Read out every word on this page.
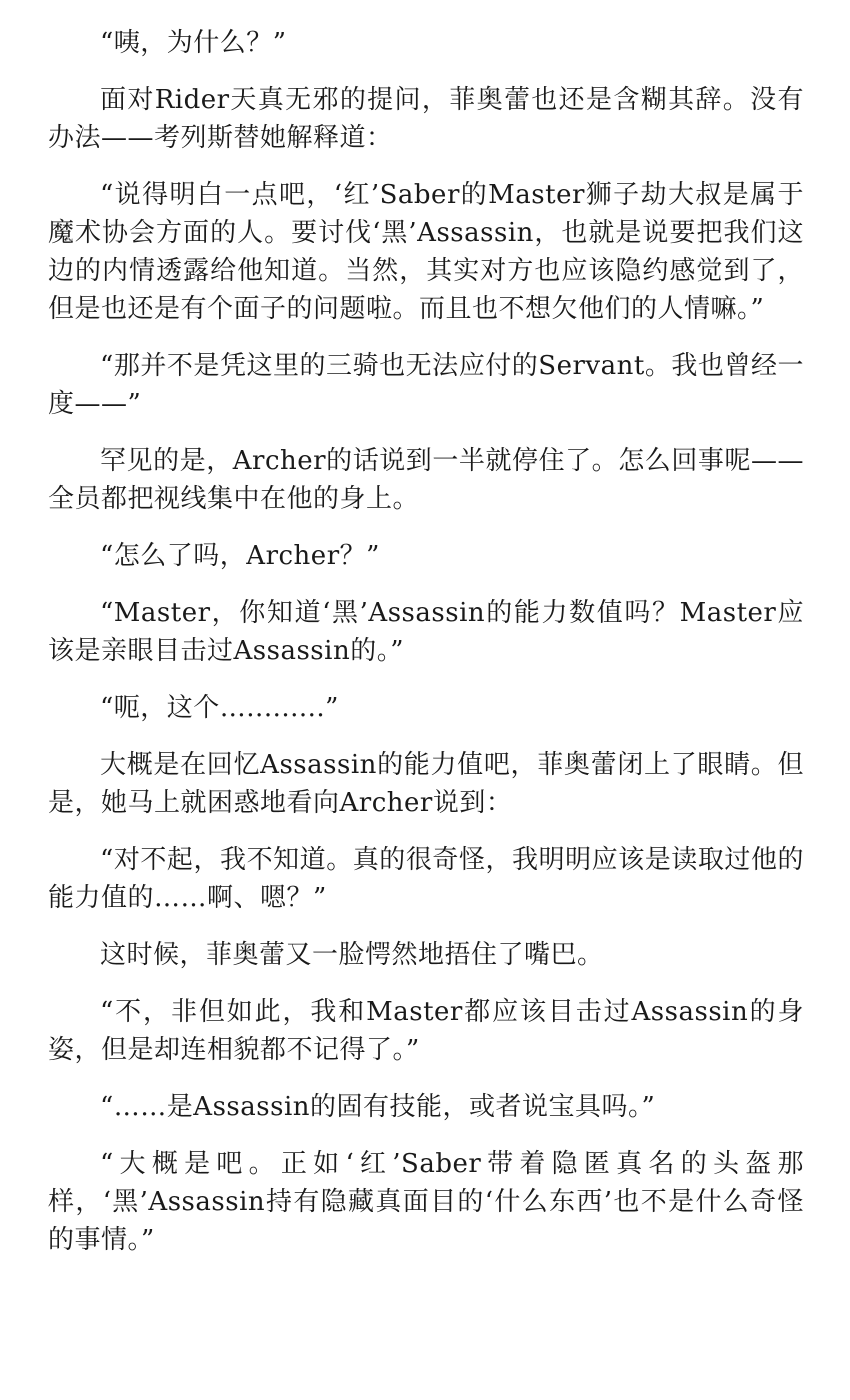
“咦，为什么？”

面对Rider天真无邪的提问，菲奥蕾也还是含糊其辞。没有办法——考列斯替她解释道：

“说得明白一点吧，‘红’Saber的Master狮子劫大叔是属于魔术协会方面的人。要讨伐‘黑’Assassin，也就是说要把我们这边的内情透露给他知道。当然，其实对方也应该隐约感觉到了，但是也还是有个面子的问题啦。而且也不想欠他们的人情嘛。”

“那并不是凭这里的三骑也无法应付的Servant。我也曾经一度——”

罕见的是，Archer的话说到一半就停住了。怎么回事呢——全员都把视线集中在他的身上。

“怎么了吗，Archer？”

“Master，你知道‘黑’Assassin的能力数值吗？Master应该是亲眼目击过Assassin的。”

“呃，这个….........”

大概是在回忆Assassin的能力值吧，菲奥蕾闭上了眼睛。但是，她马上就困惑地看向Archer说到：

“对不起，我不知道。真的很奇怪，我明明应该是读取过他的能力值的……啊、嗯？”

这时候，菲奥蕾又一脸愕然地捂住了嘴巴。

“不，非但如此，我和Master都应该目击过Assassin的身姿，但是却连相貌都不记得了。”

“……是Assassin的固有技能，或者说宝具吗。”

“大概是吧。正如‘红’Saber带着隐匿真名的头盔那样，‘黑’Assassin持有隐藏真面目的‘什么东西’也不是什么奇怪的事情。”
